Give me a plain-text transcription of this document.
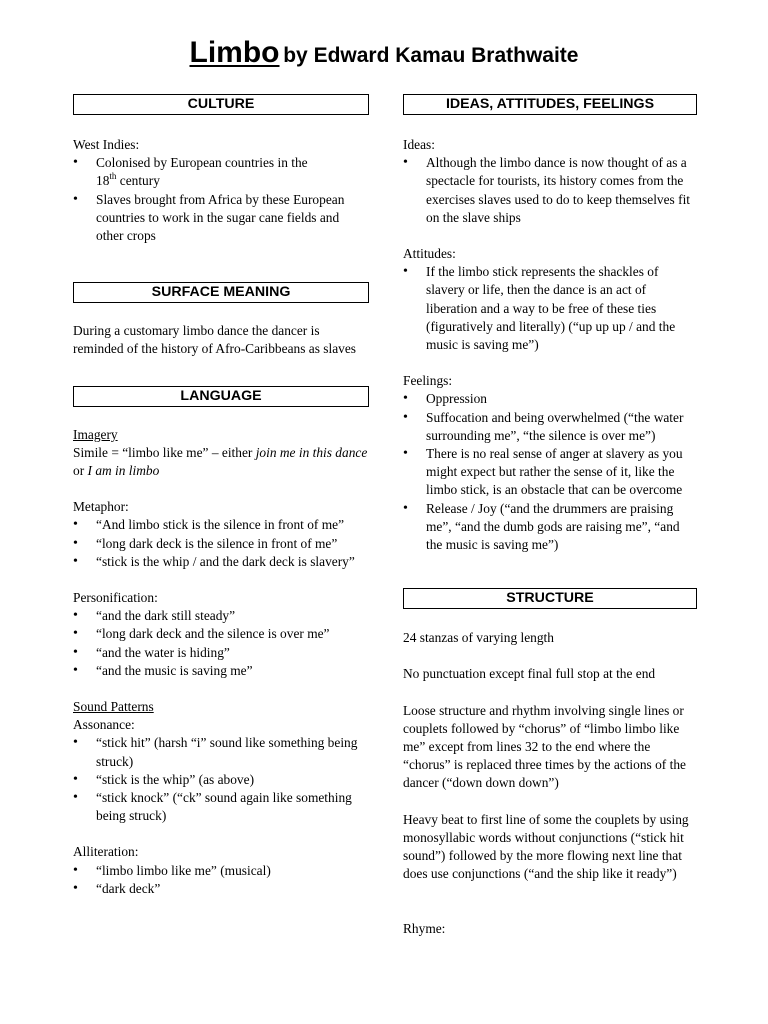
Limbo by Edward Kamau Brathwaite
CULTURE

West Indies:

• Colonised by European countries in the
18th century
• Slaves brought from Africa by these European countries to work in the sugar cane fields and other crops
SURFACE MEANING

During a customary limbo dance the dancer is reminded of the history of Afro-Caribbeans as slaves

LANGUAGE

Imagery

Simile = “limbo like me” – either join me in this dance or I am in limbo

Metaphor:

• “And limbo stick is the silence in front of me”
• “long dark deck is the silence in front of me”
• “stick is the whip / and the dark deck is slavery”

Personification:

• “and the dark still steady”
• “long dark deck and the silence is over me”
• “and the water is hiding”
• “and the music is saving me”

Sound Patterns

Assonance:

• “stick hit” (harsh “i” sound like something being struck)
• “stick is the whip” (as above)
• “stick knock” (“ck” sound again like something being struck)

Alliteration:

• “limbo limbo like me” (musical)
• “dark deck”
IDEAS, ATTITUDES, FEELINGS

Ideas:

• Although the limbo dance is now thought of as a spectacle for tourists, its history comes from the exercises slaves used to do to keep themselves fit on the slave ships

Attitudes:

• If the limbo stick represents the shackles of slavery or life, then the dance is an act of liberation and a way to be free of these ties (figuratively and literally) (“up up up / and the music is saving me”)

Feelings:

• Oppression
• Suffocation and being overwhelmed (“the water surrounding me”, “the silence is over me”)
• There is no real sense of anger at slavery as you might expect but rather the sense of it, like the limbo stick, is an obstacle that can be overcome
• Release / Joy (“and the drummers are praising me”, “and the dumb gods are raising me”, “and the music is saving me”)
STRUCTURE

24 stanzas of varying length

No punctuation except final full stop at the end

Loose structure and rhythm involving single lines or couplets followed by “chorus” of “limbo limbo like me” except from lines 32 to the end where the “chorus” is replaced three times by the actions of the dancer (“down down down”)

Heavy beat to first line of some the couplets by using monosyllabic words without conjunctions (“stick hit sound”) followed by the more flowing next line that does use conjunctions (“and the ship like it ready”)

Rhyme:
